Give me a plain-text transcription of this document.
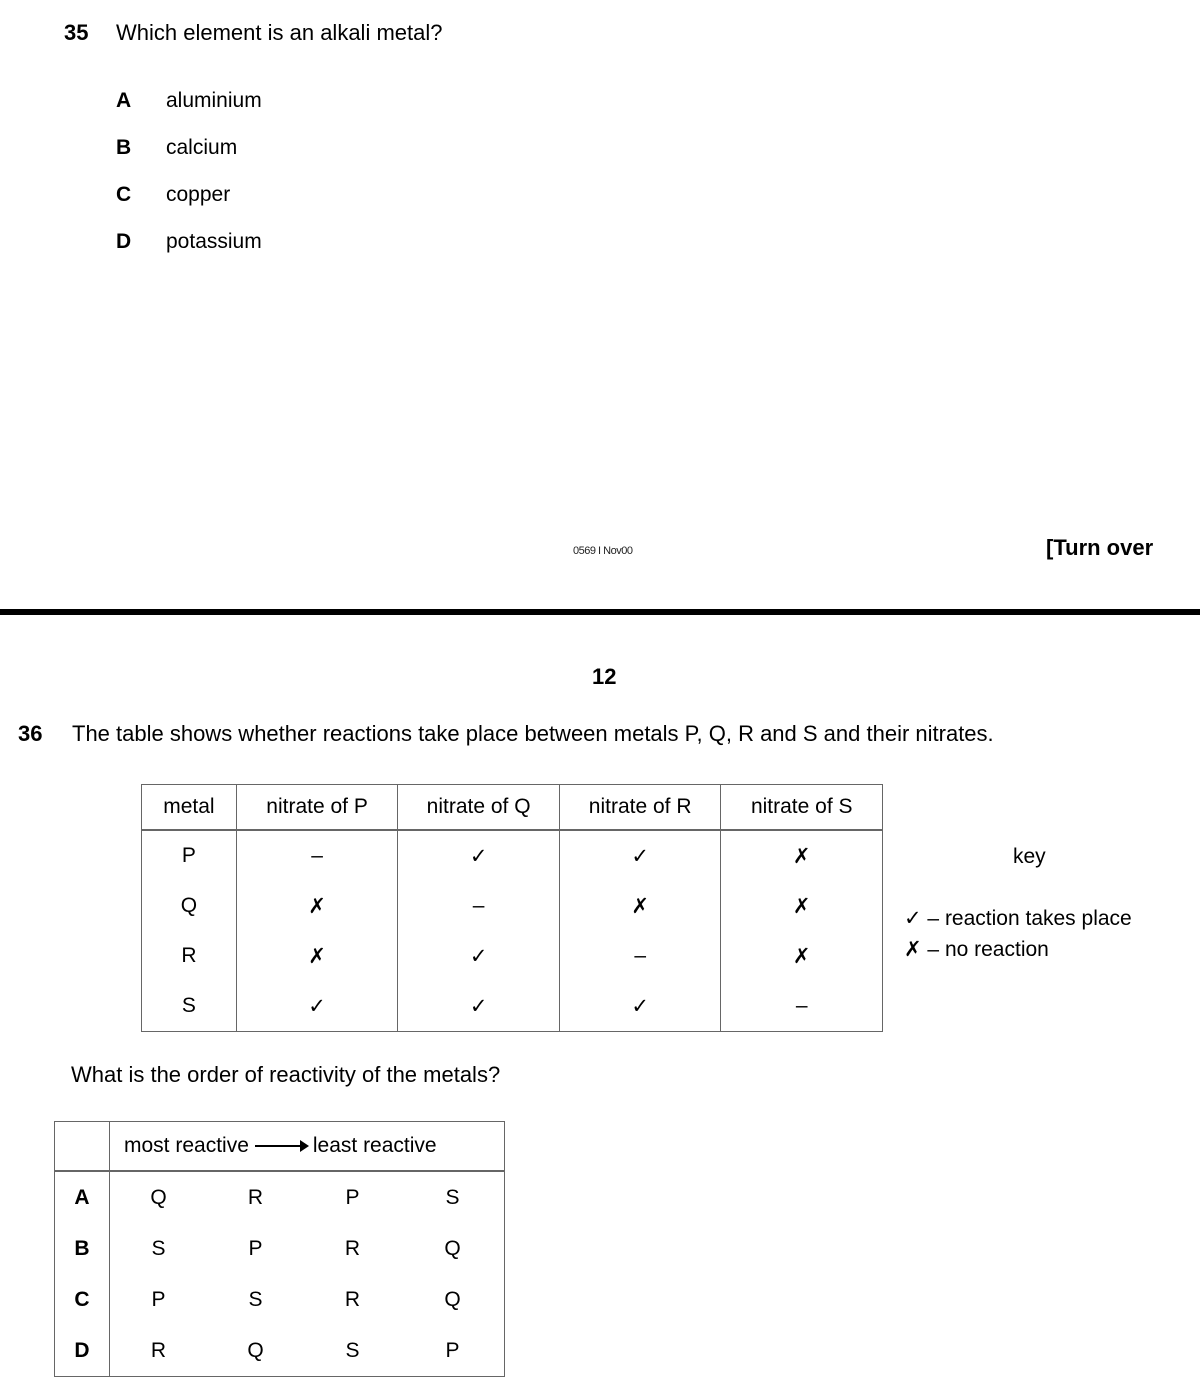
35 Which element is an alkali metal?
A	aluminium
B	calcium
C	copper
D	potassium
0569 I Nov00	[Turn over
12
36 The table shows whether reactions take place between metals P, Q, R and S and their nitrates.
metal	nitrate of P	nitrate of Q	nitrate of R	nitrate of S
P	–	✓	✓	✗
Q	✗	–	✗	✗
R	✗	✓	–	✗
S	✓	✓	✓	–
key
✓ – reaction takes place
✗ – no reaction
What is the order of reactivity of the metals?
	most reactive least reactive			
A	Q	R	P	S
B	S	P	R	Q
C	P	S	R	Q
D	R	Q	S	P
